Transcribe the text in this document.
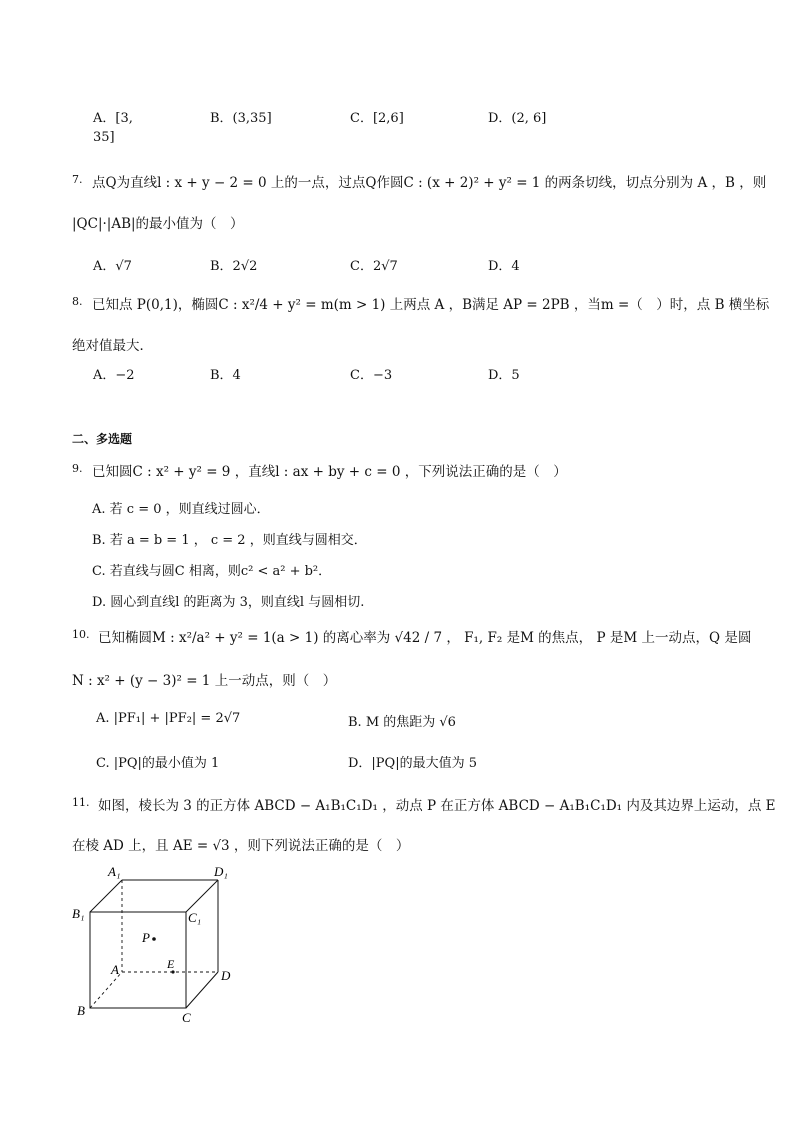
A．[3,
35]
B．(3,35]	C．[2,6]	D．(2, 6]
7. 点Q为直线l : x + y − 2 = 0 上的一点，过点Q作圆C : (x + 2)² + y² = 1 的两条切线，切点分别为 A ，B ，则
|QC|·|AB|的最小值为（　）
A．√7	B．2√2	C．2√7	D．4
8. 已知点 P(0,1)，椭圆C : x²/4 + y² = m(m > 1) 上两点 A ，B满足 AP = 2PB ，当m =（　）时，点 B 横坐标
绝对值最大．
A．−2	B．4	C．−3	D．5
二、多选题
9. 已知圆C : x² + y² = 9 ，直线l : ax + by + c = 0 ，下列说法正确的是（　）
A. 若 c = 0 ，则直线过圆心．
B. 若 a = b = 1 ， c = 2 ，则直线与圆相交．
C. 若直线与圆C 相离，则c² < a² + b²．
D. 圆心到直线l 的距离为 3，则直线l 与圆相切.
10. 已知椭圆M : x²/a² + y² = 1(a > 1) 的离心率为 √42 / 7 ， F₁, F₂ 是M 的焦点， P 是M 上一动点，Q 是圆
N : x² + (y − 3)² = 1 上一动点，则（　）
A. |PF₁| + |PF₂| = 2√7	B. M 的焦距为 √6
C. |PQ|的最小值为 1	D．|PQ|的最大值为 5
11. 如图，棱长为 3 的正方体 ABCD − A₁B₁C₁D₁ ，动点 P 在正方体 ABCD − A₁B₁C₁D₁ 内及其边界上运动，点 E
在棱 AD 上，且 AE = √3 ，则下列说法正确的是（　）
A₁	D₁
B₁	C₁
P
A	E
D
B	C
